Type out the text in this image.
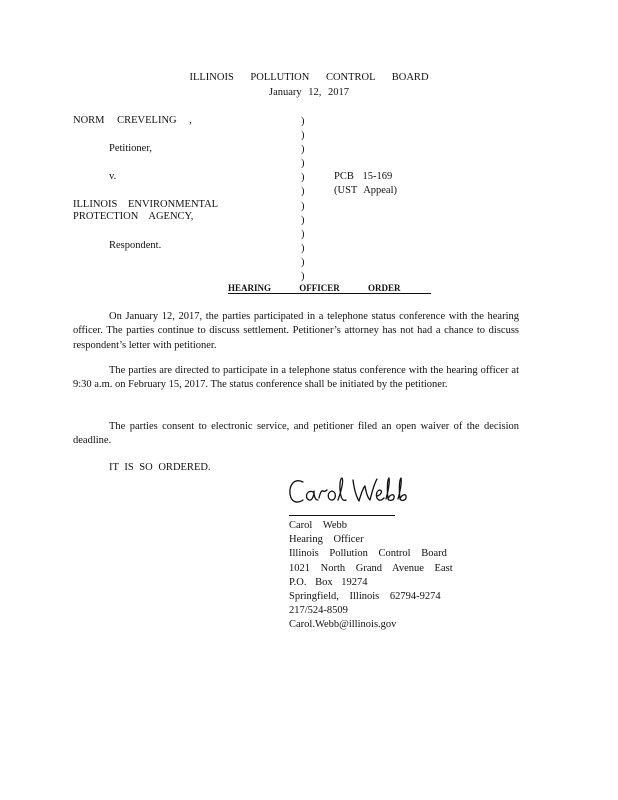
ILLINOIS POLLUTION CONTROL BOARD
January 12, 2017
NORM CREVELING ,
Petitioner,
v.
ILLINOIS ENVIRONMENTAL
PROTECTION AGENCY,
Respondent.
)
)
)
)
)
)
)
)
)
)
)
)
PCB 15-169
(UST Appeal)
HEARING OFFICER ORDER
On January 12, 2017, the parties participated in a telephone status conference with the hearing officer. The parties continue to discuss settlement. Petitioner’s attorney has not had a chance to discuss respondent’s letter with petitioner.
The parties are directed to participate in a telephone status conference with the hearing officer at 9:30 a.m. on February 15, 2017. The status conference shall be initiated by the petitioner.
The parties consent to electronic service, and petitioner filed an open waiver of the decision deadline.
IT IS SO ORDERED.
Carol Webb
Hearing Officer
Illinois Pollution Control Board
1021 North Grand Avenue East
P.O. Box 19274
Springfield, Illinois 62794-9274
217/524-8509
Carol.Webb@illinois.gov
